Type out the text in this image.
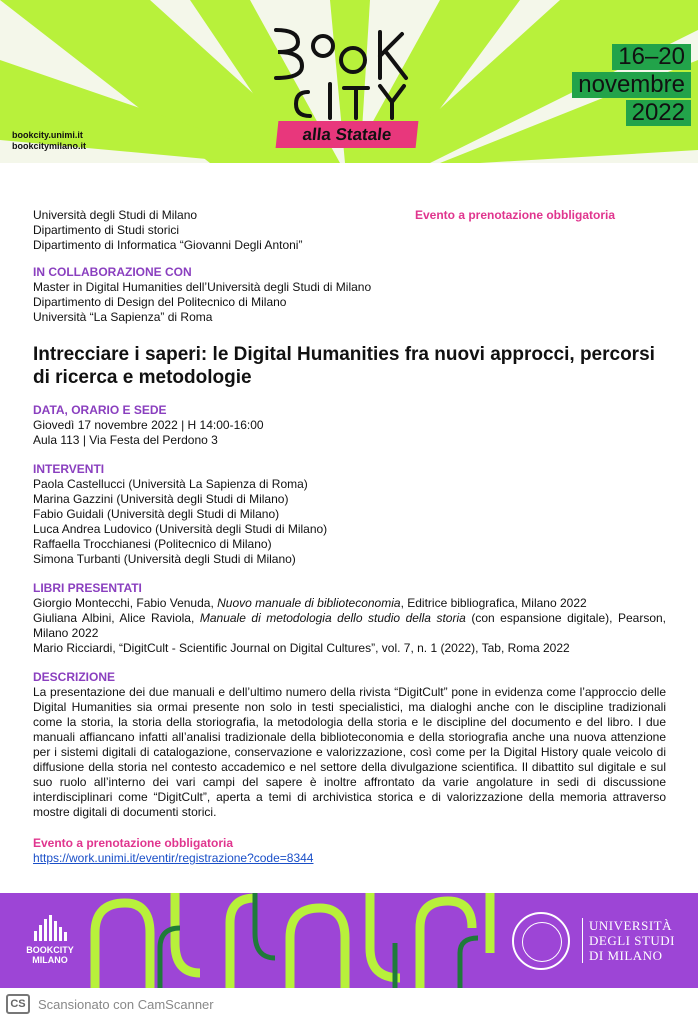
alla Statale
bookcity.unimi.it
bookcitymilano.it
16–20 novembre 2022
Università degli Studi di Milano
Dipartimento di Studi storici
Dipartimento di Informatica “Giovanni Degli Antoni”
Evento a prenotazione obbligatoria
IN COLLABORAZIONE CON
Master in Digital Humanities dell’Università degli Studi di Milano
Dipartimento di Design del Politecnico di Milano
Università “La Sapienza” di Roma
Intrecciare i saperi: le Digital Humanities fra nuovi approcci, percorsi di ricerca e metodologie
DATA, ORARIO E SEDE
Giovedì 17 novembre 2022 | H 14:00-16:00
Aula 113 | Via Festa del Perdono 3
INTERVENTI
Paola Castellucci (Università La Sapienza di Roma)
Marina Gazzini (Università degli Studi di Milano)
Fabio Guidali (Università degli Studi di Milano)
Luca Andrea Ludovico (Università degli Studi di Milano)
Raffaella Trocchianesi (Politecnico di Milano)
Simona Turbanti (Università degli Studi di Milano)
LIBRI PRESENTATI
Giorgio Montecchi, Fabio Venuda, Nuovo manuale di biblioteconomia, Editrice bibliografica, Milano 2022
Giuliana Albini, Alice Raviola, Manuale di metodologia dello studio della storia (con espansione digitale), Pearson, Milano 2022
Mario Ricciardi, “DigitCult - Scientific Journal on Digital Cultures”, vol. 7, n. 1 (2022), Tab, Roma 2022
DESCRIZIONE

La presentazione dei due manuali e dell’ultimo numero della rivista “DigitCult” pone in evidenza come l’approccio delle Digital Humanities sia ormai presente non solo in testi specialistici, ma dialoghi anche con le discipline tradizionali come la storia, la storia della storiografia, la metodologia della storia e le discipline del documento e del libro. I due manuali affiancano infatti all’analisi tradizionale della biblioteconomia e della storiografia anche una nuova attenzione per i sistemi digitali di catalogazione, conservazione e valorizzazione, così come per la Digital History quale veicolo di diffusione della storia nel contesto accademico e nel settore della divulgazione scientifica. Il dibattito sul digitale e sul suo ruolo all’interno dei vari campi del sapere è inoltre affrontato da varie angolature in sedi di discussione interdisciplinari come “DigitCult”, aperta a temi di archivistica storica e di valorizzazione della memoria attraverso mostre digitali di documenti storici.

Evento a prenotazione obbligatoria
https://work.unimi.it/eventir/registrazione?code=8344
BOOKCITY
MILANO
UNIVERSITÀ
DEGLI STUDI
DI MILANO
CS Scansionato con CamScanner
